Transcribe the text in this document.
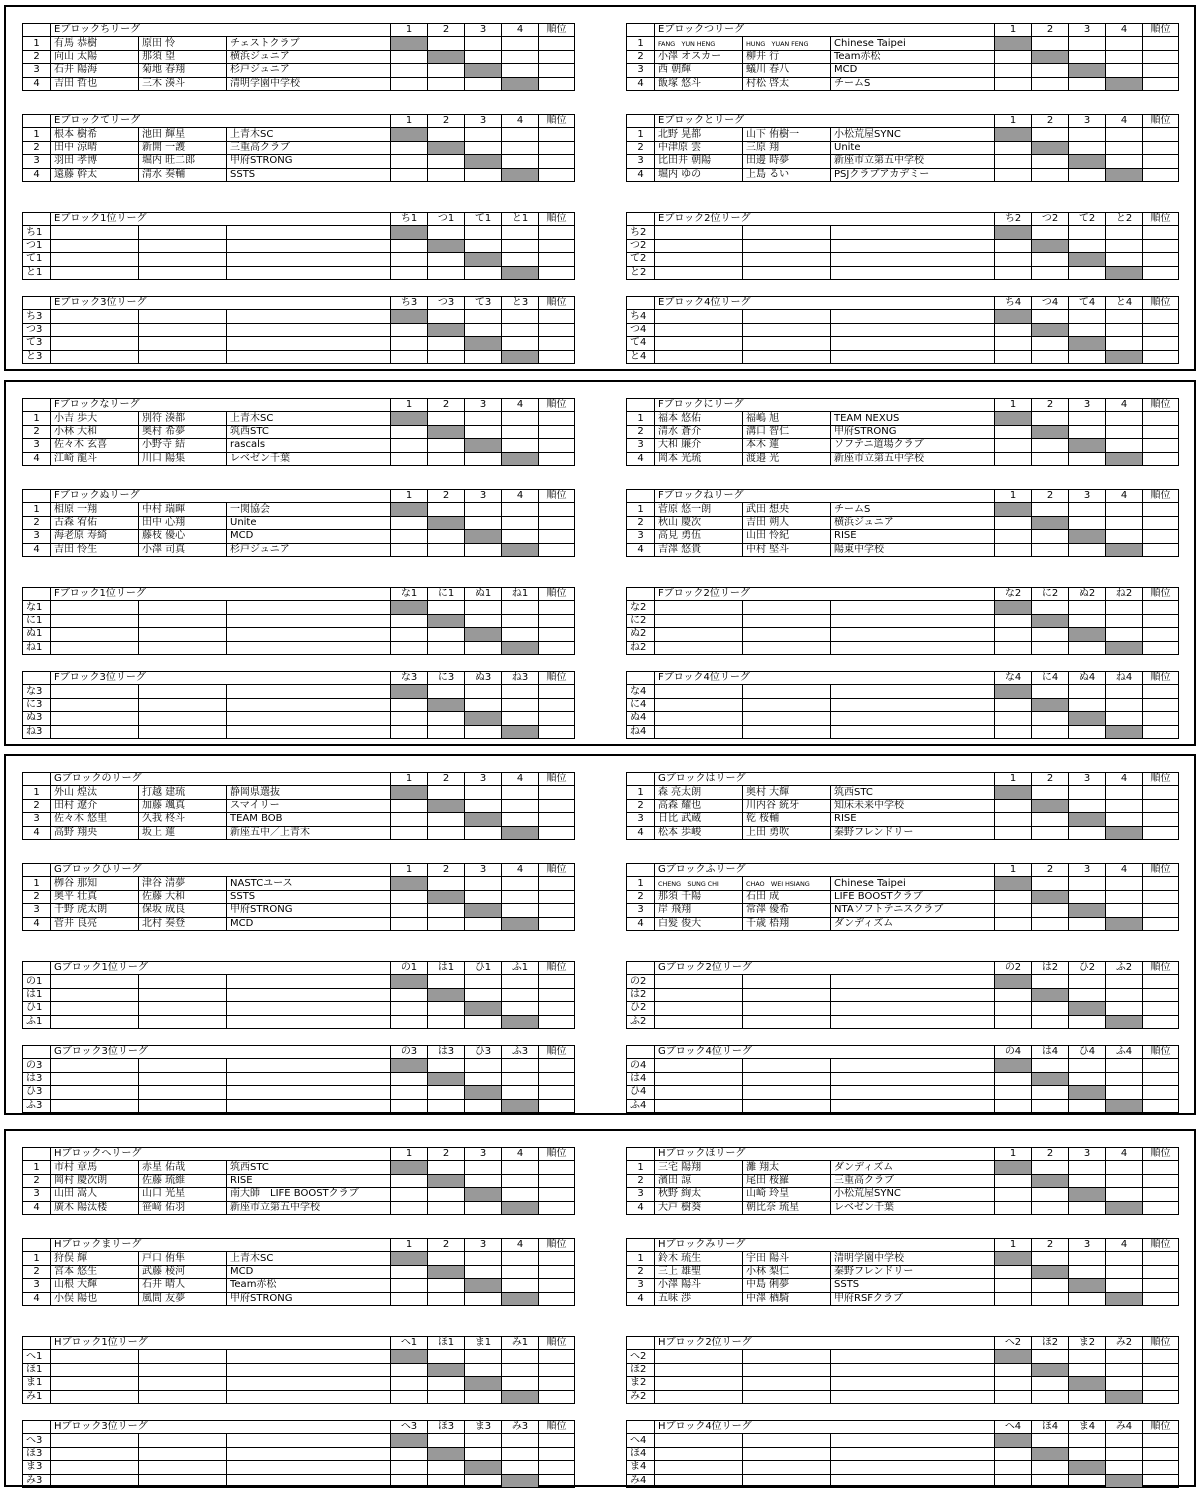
	Eブロックちリーグ			1	2	3	4	順位
1	有馬 恭樹	原田 怜	チェストクラブ					
2	向山 太陽	那須 望	横浜ジュニア					
3	石井 陽海	菊地 春翔	杉戸ジュニア					
4	吉田 哲也	三木 湊斗	清明学園中学校					
	Eブロックつリーグ			1	2	3	4	順位
1	FANG　YUN HENG	HUNG　YUAN FENG	Chinese Taipei					
2	小澤 オスカー	柳井 行	Team赤松					
3	西 朝輝	蟻川 春八	MCD					
4	飯塚 悠斗	村松 啓太	チームS					
	Eブロックてリーグ			1	2	3	4	順位
1	根本 樹希	池田 輝星	上青木SC					
2	田中 涼晴	新開 一護	三重高クラブ					
3	羽田 孝博	堀内 旺二郎	甲府STRONG					
4	遠藤 幹太	清水 奏輔	SSTS					
	Eブロックとリーグ			1	2	3	4	順位
1	北野 晃都	山下 侑樹一	小松荒屋SYNC					
2	中津原 雲	三原 翔	Unite					
3	比田井 朝陽	田邊 時夢	新座市立第五中学校					
4	堀内 ゆの	上島 るい	PSJクラブアカデミー					
	Eブロック1位リーグ			ち1	つ1	て1	と1	順位
ち1								
つ1								
て1								
と1								
	Eブロック2位リーグ			ち2	つ2	て2	と2	順位
ち2								
つ2								
て2								
と2								
	Eブロック3位リーグ			ち3	つ3	て3	と3	順位
ち3								
つ3								
て3								
と3								
	Eブロック4位リーグ			ち4	つ4	て4	と4	順位
ち4								
つ4								
て4								
と4								
	Fブロックなリーグ			1	2	3	4	順位
1	小吉 歩大	別符 湊都	上青木SC					
2	小林 大和	奥村 希夢	筑西STC					
3	佐々木 玄喜	小野寺 結	rascals					
4	江崎 龍斗	川口 陽集	レベゼン千葉					
	Fブロックにリーグ			1	2	3	4	順位
1	福本 悠佑	福嶋 旭	TEAM NEXUS					
2	清水 蒼介	溝口 智仁	甲府STRONG					
3	大和 廉介	本木 蓮	ソフテニ道場クラブ					
4	岡本 光琉	渡邉 光	新座市立第五中学校					
	Fブロックぬリーグ			1	2	3	4	順位
1	相原 一翔	中村 瑞暉	一関協会					
2	古森 宥佑	田中 心翔	Unite					
3	海老原 寿綺	藤枝 優心	MCD					
4	吉田 怜生	小澤 司真	杉戸ジュニア					
	Fブロックねリーグ			1	2	3	4	順位
1	菅原 悠一朗	武田 想央	チームS					
2	秋山 慶次	吉田 朔人	横浜ジュニア					
3	高見 勇伍	山田 怜紀	RISE					
4	吉澤 悠貴	中村 堅斗	陽東中学校					
	Fブロック1位リーグ			な1	に1	ぬ1	ね1	順位
な1								
に1								
ぬ1								
ね1								
	Fブロック2位リーグ			な2	に2	ぬ2	ね2	順位
な2								
に2								
ぬ2								
ね2								
	Fブロック3位リーグ			な3	に3	ぬ3	ね3	順位
な3								
に3								
ぬ3								
ね3								
	Fブロック4位リーグ			な4	に4	ぬ4	ね4	順位
な4								
に4								
ぬ4								
ね4								
	Gブロックのリーグ			1	2	3	4	順位
1	外山 煌汰	打越 建琉	静岡県選抜					
2	田村 遼介	加藤 颯真	スマイリー					
3	佐々木 悠里	久我 柊斗	TEAM BOB					
4	高野 翔央	坂上 蓮	新座五中／上青木					
	Gブロックはリーグ			1	2	3	4	順位
1	森 亮太朗	奥村 大輝	筑西STC					
2	高森 耀也	川内谷 統牙	知床未来中学校					
3	日比 武蔵	乾 桜輔	RISE					
4	松本 歩峻	上田 勇吹	秦野フレンドリー					
	Gブロックひリーグ			1	2	3	4	順位
1	栁谷 那知	津谷 清夢	NASTCユース					
2	奥平 壮真	佐藤 大和	SSTS					
3	千野 虎太朗	保坂 成良	甲府STRONG					
4	菅井 良亮	北村 奏登	MCD					
	Gブロックふリーグ			1	2	3	4	順位
1	CHENG　SUNG CHI	CHAO　WEI HSIANG	Chinese Taipei					
2	那須 千陽	石田 成	LIFE BOOSTクラブ					
3	岸 飛翔	常澤 優希	NTAソフトテニスクラブ					
4	白髪 俊大	千歳 梧翔	ダンディズム					
	Gブロック1位リーグ			の1	は1	ひ1	ふ1	順位
の1								
は1								
ひ1								
ふ1								
	Gブロック2位リーグ			の2	は2	ひ2	ふ2	順位
の2								
は2								
ひ2								
ふ2								
	Gブロック3位リーグ			の3	は3	ひ3	ふ3	順位
の3								
は3								
ひ3								
ふ3								
	Gブロック4位リーグ			の4	は4	ひ4	ふ4	順位
の4								
は4								
ひ4								
ふ4								
	Hブロックへリーグ			1	2	3	4	順位
1	市村 章馬	赤星 佑哉	筑西STC					
2	岡村 慶次朗	佐藤 琉維	RISE					
3	山田 嵩人	山口 光星	南大師　LIFE BOOSTクラブ					
4	廣木 陽汰楼	笹﨑 佑羽	新座市立第五中学校					
	Hブロックほリーグ			1	2	3	4	順位
1	三宅 陽翔	灘 翔太	ダンディズム					
2	濱田 諒	尾田 桜羅	三重高クラブ					
3	秋野 絢太	山崎 玲皇	小松荒屋SYNC					
4	大戸 樹葵	朝比奈 琉星	レベゼン千葉					
	Hブロックまリーグ			1	2	3	4	順位
1	狩俣 輝	戸口 侑隼	上青木SC					
2	宮本 悠生	武藤 稜河	MCD					
3	山根 大輝	石井 晴人	Team赤松					
4	小俣 陽也	風間 友夢	甲府STRONG					
	Hブロックみリーグ			1	2	3	4	順位
1	鈴木 琉生	宇田 陽斗	清明学園中学校					
2	三上 雄聖	小林 梨仁	秦野フレンドリー					
3	小澤 陽斗	中島 俐夢	SSTS					
4	五味 渉	中澤 楢騎	甲府RSFクラブ					
	Hブロック1位リーグ			へ1	ほ1	ま1	み1	順位
へ1								
ほ1								
ま1								
み1								
	Hブロック2位リーグ			へ2	ほ2	ま2	み2	順位
へ2								
ほ2								
ま2								
み2								
	Hブロック3位リーグ			へ3	ほ3	ま3	み3	順位
へ3								
ほ3								
ま3								
み3								
	Hブロック4位リーグ			へ4	ほ4	ま4	み4	順位
へ4								
ほ4								
ま4								
み4								
